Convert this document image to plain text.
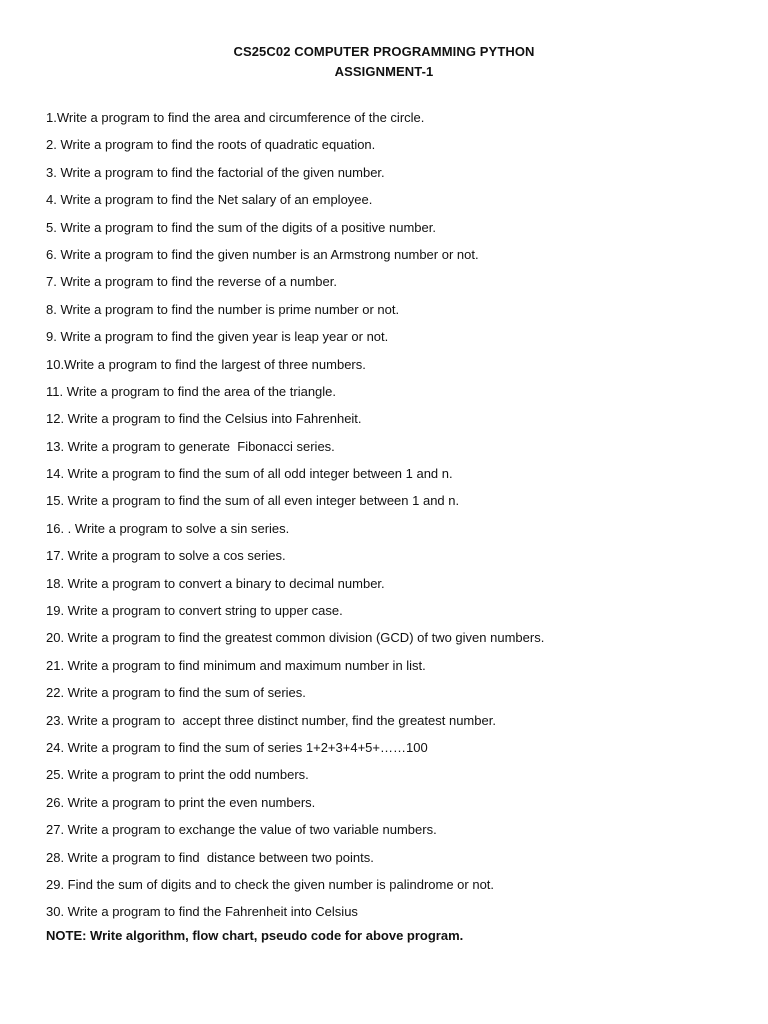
CS25C02 COMPUTER PROGRAMMING PYTHON
ASSIGNMENT-1
1.Write a program to find the area and circumference of the circle.
2. Write a program to find the roots of quadratic equation.
3. Write a program to find the factorial of the given number.
4. Write a program to find the Net salary of an employee.
5. Write a program to find the sum of the digits of a positive number.
6. Write a program to find the given number is an Armstrong number or not.
7. Write a program to find the reverse of a number.
8. Write a program to find the number is prime number or not.
9. Write a program to find the given year is leap year or not.
10.Write a program to find the largest of three numbers.
11. Write a program to find the area of the triangle.
12. Write a program to find the Celsius into Fahrenheit.
13. Write a program to generate  Fibonacci series.
14. Write a program to find the sum of all odd integer between 1 and n.
15. Write a program to find the sum of all even integer between 1 and n.
16. . Write a program to solve a sin series.
17. Write a program to solve a cos series.
18. Write a program to convert a binary to decimal number.
19. Write a program to convert string to upper case.
20. Write a program to find the greatest common division (GCD) of two given numbers.
21. Write a program to find minimum and maximum number in list.
22. Write a program to find the sum of series.
23. Write a program to  accept three distinct number, find the greatest number.
24. Write a program to find the sum of series 1+2+3+4+5+……100
25. Write a program to print the odd numbers.
26. Write a program to print the even numbers.
27. Write a program to exchange the value of two variable numbers.
28. Write a program to find  distance between two points.
29. Find the sum of digits and to check the given number is palindrome or not.
30. Write a program to find the Fahrenheit into Celsius
NOTE: Write algorithm, flow chart, pseudo code for above program.
